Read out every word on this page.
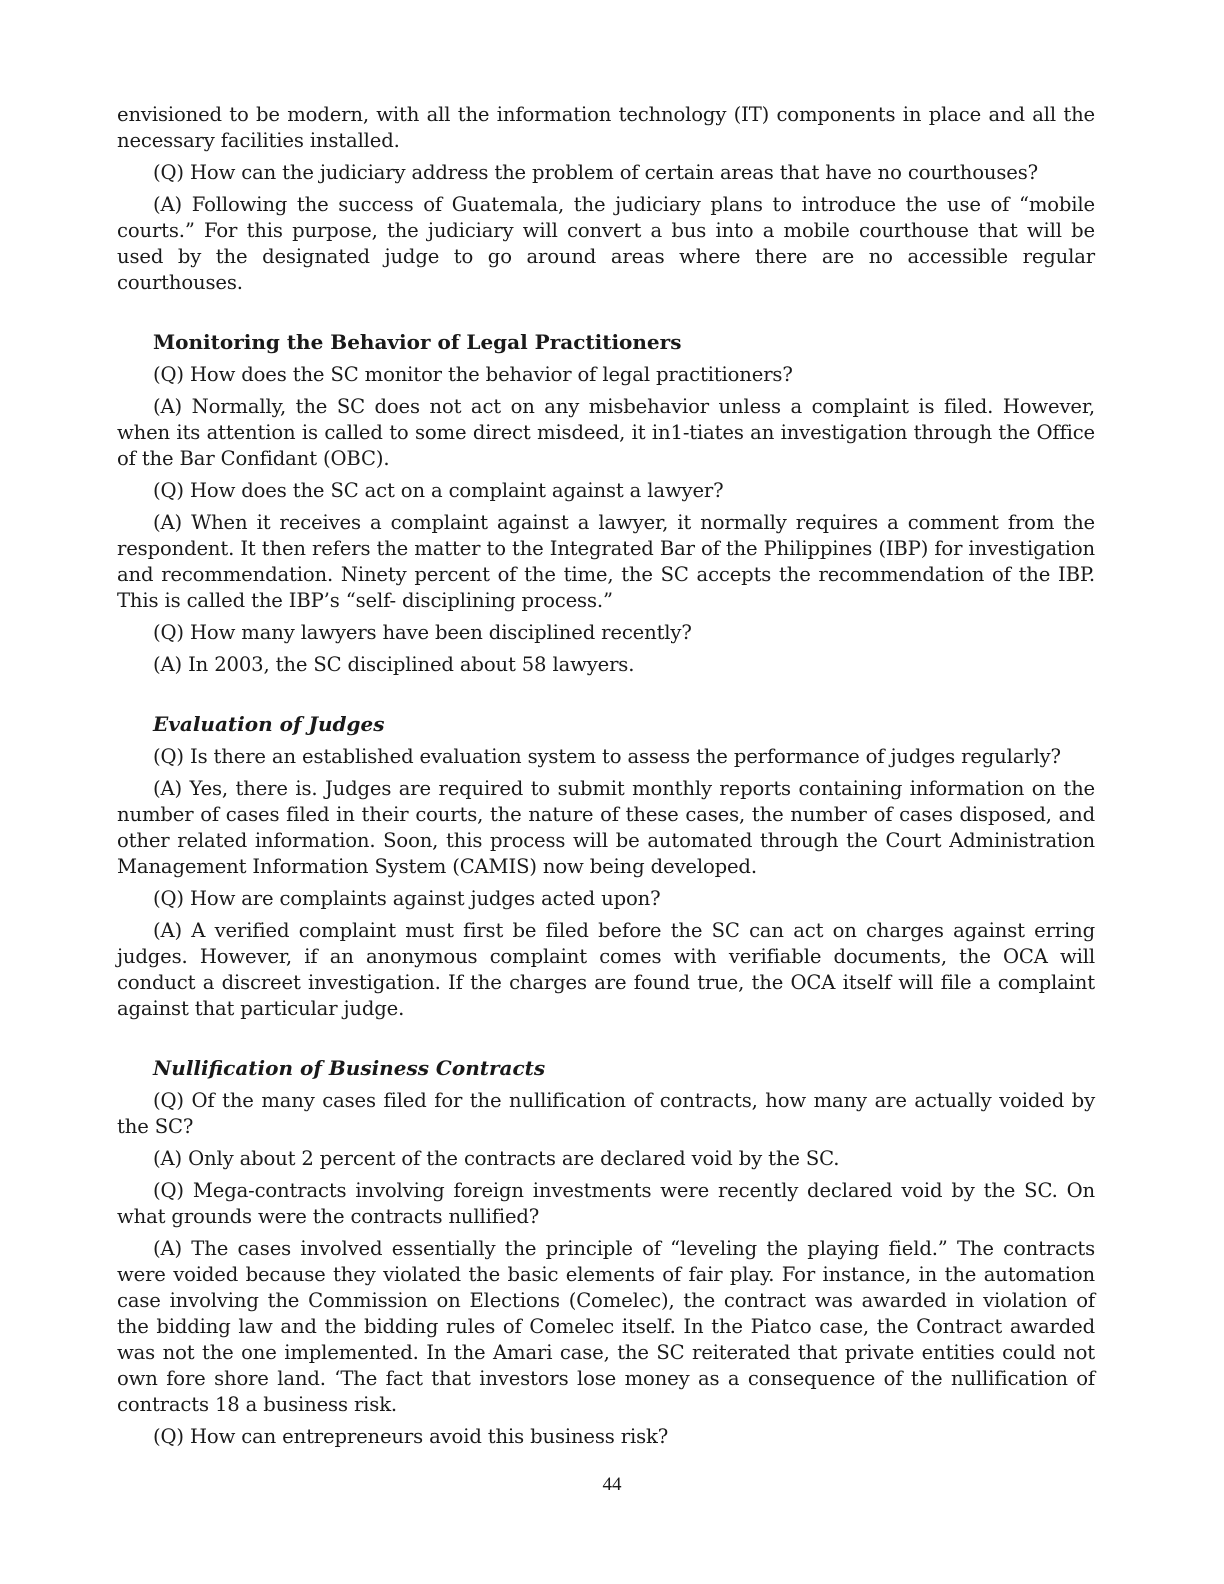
envisioned to be modern, with all the information technology (IT) components in place and all the necessary facilities installed.

(Q) How can the judiciary address the problem of certain areas that have no courthouses?

(A) Following the success of Guatemala, the judiciary plans to introduce the use of “mobile courts.” For this purpose, the judiciary will convert a bus into a mobile courthouse that will be used by the designated judge to go around areas where there are no accessible regular courthouses.

Monitoring the Behavior of Legal Practitioners

(Q) How does the SC monitor the behavior of legal practitioners?

(A) Normally, the SC does not act on any misbehavior unless a complaint is filed. However, when its attention is called to some direct misdeed, it in1-tiates an investigation through the Office of the Bar Confidant (OBC).

(Q) How does the SC act on a complaint against a lawyer?

(A) When it receives a complaint against a lawyer, it normally requires a comment from the respondent. It then refers the matter to the Integrated Bar of the Philippines (IBP) for investigation and recommendation. Ninety percent of the time, the SC accepts the recommendation of the IBP. This is called the IBP’s “self- disciplining process.”

(Q) How many lawyers have been disciplined recently?

(A) In 2003, the SC disciplined about 58 lawyers.

Evaluation of Judges

(Q) Is there an established evaluation system to assess the performance of judges regularly?

(A) Yes, there is. Judges are required to submit monthly reports containing information on the number of cases filed in their courts, the nature of these cases, the number of cases disposed, and other related information. Soon, this process will be automated through the Court Administration Management Information System (CAMIS) now being developed.

(Q) How are complaints against judges acted upon?

(A) A verified complaint must first be filed before the SC can act on charges against erring judges. However, if an anonymous complaint comes with verifiable documents, the OCA will conduct a discreet investigation. If the charges are found true, the OCA itself will file a complaint against that particular judge.

Nullification of Business Contracts

(Q) Of the many cases filed for the nullification of contracts, how many are actually voided by the SC?

(A) Only about 2 percent of the contracts are declared void by the SC.

(Q) Mega-contracts involving foreign investments were recently declared void by the SC. On what grounds were the contracts nullified?

(A) The cases involved essentially the principle of “leveling the playing field.” The contracts were voided because they violated the basic elements of fair play. For instance, in the automation case involving the Commission on Elections (Comelec), the contract was awarded in violation of the bidding law and the bidding rules of Comelec itself. In the Piatco case, the Contract awarded was not the one implemented. In the Amari case, the SC reiterated that private entities could not own fore shore land. ‘The fact that investors lose money as a consequence of the nullification of contracts 18 a business risk.

(Q) How can entrepreneurs avoid this business risk?

44
